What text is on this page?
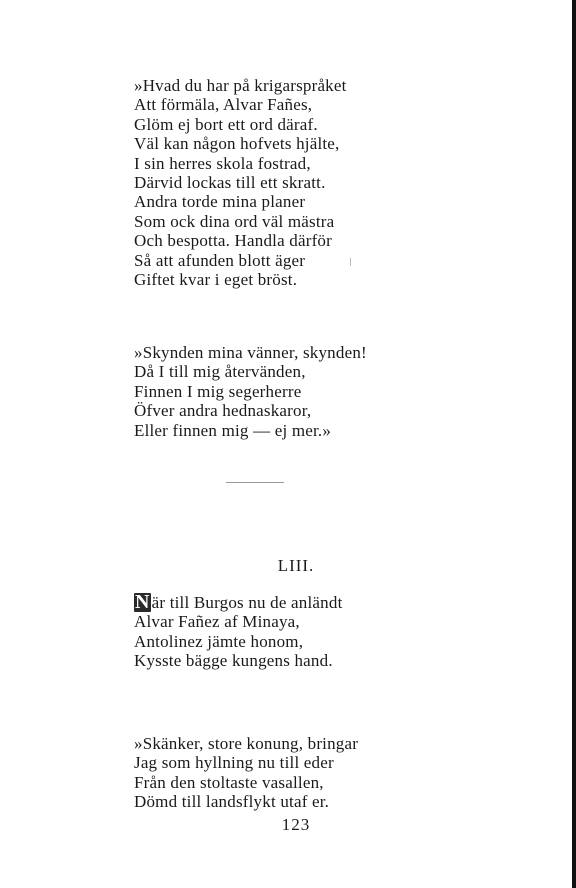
»Hvad du har på krigarspråket
Att förmäla, Alvar Fañes,
Glöm ej bort ett ord däraf.
Väl kan någon hofvets hjälte,
I sin herres skola fostrad,
Därvid lockas till ett skratt.
Andra torde mina planer
Som ock dina ord väl mästra
Och bespotta. Handla därför
Så att afunden blott äger
Giftet kvar i eget bröst.
»Skynden mina vänner, skynden!
Då I till mig återvänden,
Finnen I mig segerherre
Öfver andra hednaskaror,
Eller finnen mig — ej mer.»
LIII.
N är till Burgos nu de anländt
Alvar Fañez af Minaya,
Antolinez jämte honom,
Kysste bägge kungens hand.
»Skänker, store konung, bringar
Jag som hyllning nu till eder
Från den stoltaste vasallen,
Dömd till landsflykt utaf er.
123
